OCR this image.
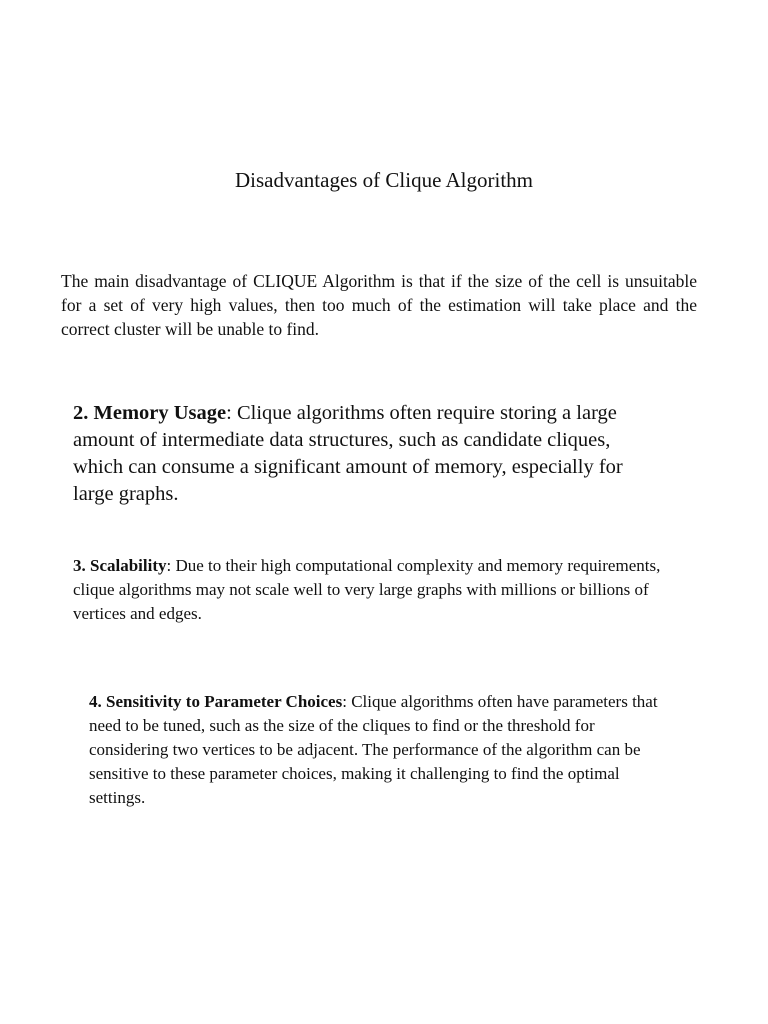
Disadvantages of Clique Algorithm

The main disadvantage of CLIQUE Algorithm is that if the size of the cell is unsuitable for a set of very high values, then too much of the estimation will take place and the correct cluster will be unable to find.

2. Memory Usage: Clique algorithms often require storing a large amount of intermediate data structures, such as candidate cliques, which can consume a significant amount of memory, especially for large graphs.

3. Scalability: Due to their high computational complexity and memory requirements, clique algorithms may not scale well to very large graphs with millions or billions of vertices and edges.

4. Sensitivity to Parameter Choices: Clique algorithms often have parameters that need to be tuned, such as the size of the cliques to find or the threshold for considering two vertices to be adjacent. The performance of the algorithm can be sensitive to these parameter choices, making it challenging to find the optimal settings.
